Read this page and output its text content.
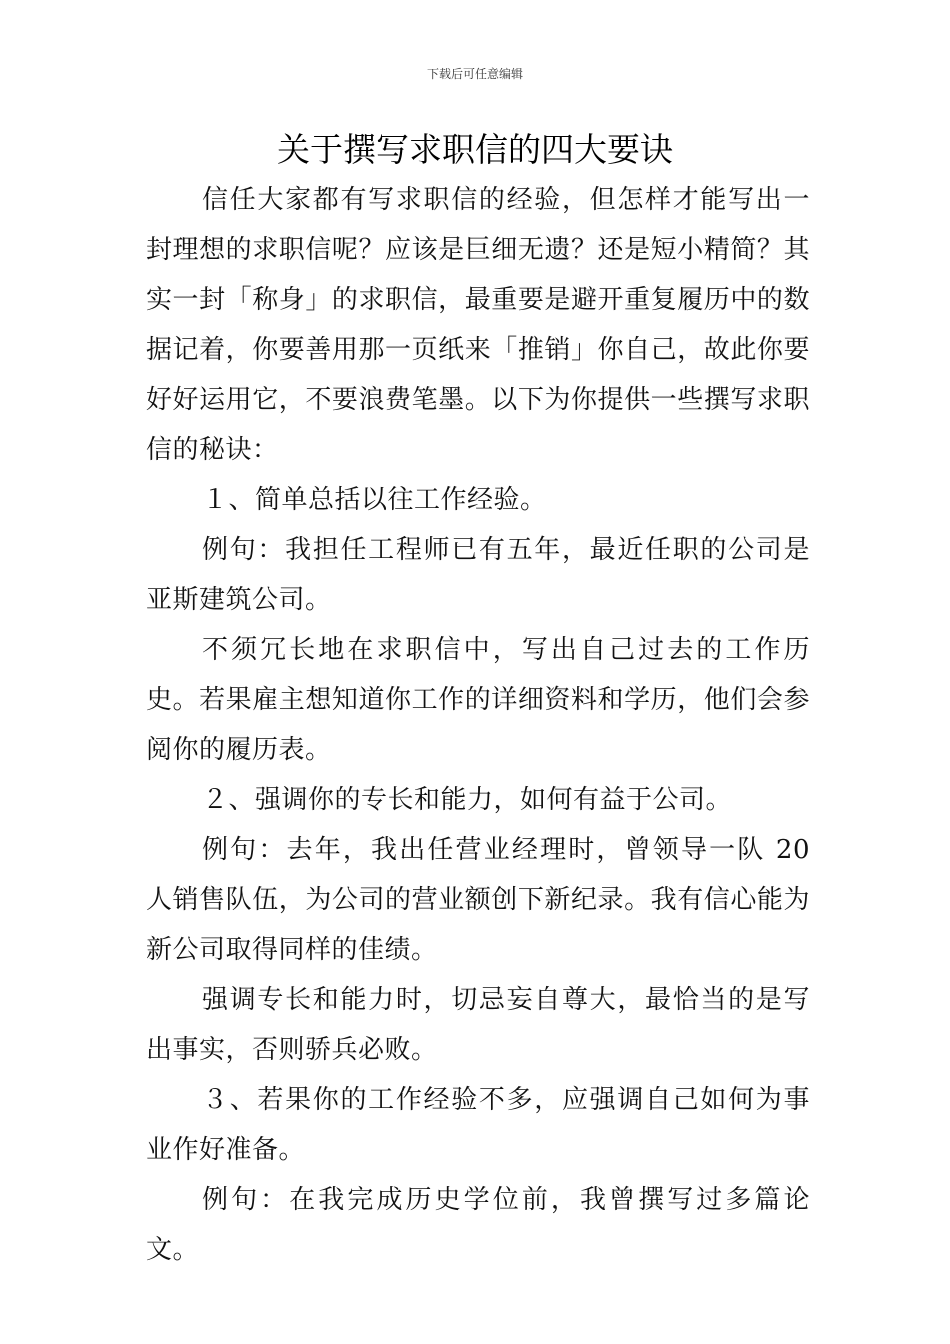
下载后可任意编辑
关于撰写求职信的四大要诀

信任大家都有写求职信的经验，但怎样才能写出一封理想的求职信呢？应该是巨细无遗？还是短小精简？其实一封「称身」的求职信，最重要是避开重复履历中的数据记着，你要善用那一页纸来「推销」你自己，故此你要好好运用它，不要浪费笔墨。以下为你提供一些撰写求职信的秘诀：

１、简单总括以往工作经验。

例句：我担任工程师已有五年，最近任职的公司是亚斯建筑公司。

不须冗长地在求职信中，写出自己过去的工作历史。若果雇主想知道你工作的详细资料和学历，他们会参阅你的履历表。

２、强调你的专长和能力，如何有益于公司。

例句：去年，我出任营业经理时，曾领导一队 20 人销售队伍，为公司的营业额创下新纪录。我有信心能为新公司取得同样的佳绩。

强调专长和能力时，切忌妄自尊大，最恰当的是写出事实，否则骄兵必败。

３、若果你的工作经验不多，应强调自己如何为事业作好准备。

例句：在我完成历史学位前，我曾撰写过多篇论文。
